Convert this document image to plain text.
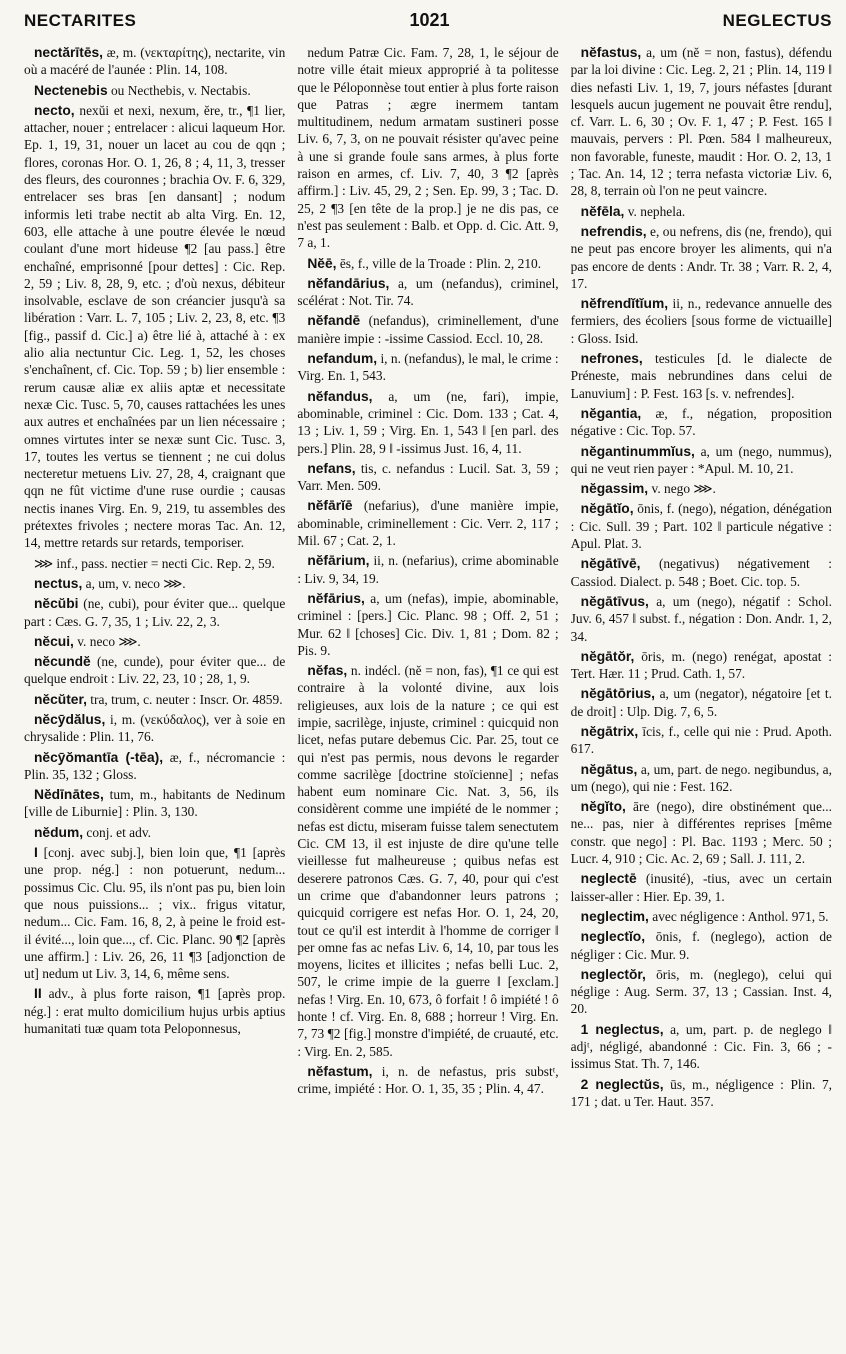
NECTARITES	1021	NEGLECTUS

nectărītēs, æ, m. (νεκταρίτης), nectarite, vin où a macéré de l'aunée : Plin. 14, 108.

Nectenebis ou Necthebis, v. Nectabis.

necto, nexŭi et nexi, nexum, ĕre, tr., ¶1 lier, attacher, nouer ; entrelacer : alicui laqueum Hor. Ep. 1, 19, 31, nouer un lacet au cou de qqn ; flores, coronas Hor. O. 1, 26, 8 ; 4, 11, 3, tresser des fleurs, des couronnes ; brachia Ov. F. 6, 329, entrelacer ses bras [en dansant] ; nodum informis leti trabe nectit ab alta Virg. En. 12, 603, elle attache à une poutre élevée le nœud coulant d'une mort hideuse ¶2 [au pass.] être enchaîné, emprisonné [pour dettes] : Cic. Rep. 2, 59 ; Liv. 8, 28, 9, etc. ; d'où nexus, débiteur insolvable, esclave de son créancier jusqu'à sa libération : Varr. L. 7, 105 ; Liv. 2, 23, 8, etc. ¶3 [fig., passif d. Cic.] a) être lié à, attaché à : ex alio alia nectuntur Cic. Leg. 1, 52, les choses s'enchaînent, cf. Cic. Top. 59 ; b) lier ensemble : rerum causæ aliæ ex aliis aptæ et necessitate nexæ Cic. Tusc. 5, 70, causes rattachées les unes aux autres et enchaînées par un lien nécessaire ; omnes virtutes inter se nexæ sunt Cic. Tusc. 3, 17, toutes les vertus se tiennent ; ne cui dolus necteretur metuens Liv. 27, 28, 4, craignant que qqn ne fût victime d'une ruse ourdie ; causas nectis inanes Virg. En. 9, 219, tu assembles des prétextes frivoles ; nectere moras Tac. An. 12, 14, mettre retards sur retards, temporiser.

⋙ inf., pass. nectier = necti Cic. Rep. 2, 59.

nectus, a, um, v. neco ⋙.

nĕcŭbi (ne, cubi), pour éviter que... quelque part : Cæs. G. 7, 35, 1 ; Liv. 22, 2, 3.

nĕcui, v. neco ⋙.

nĕcundĕ (ne, cunde), pour éviter que... de quelque endroit : Liv. 22, 23, 10 ; 28, 1, 9.

nĕcŭter, tra, trum, c. neuter : Inscr. Or. 4859.

nĕcȳdălus, i, m. (νεκύδαλος), ver à soie en chrysalide : Plin. 11, 76.

nĕcȳŏmantīa (-tēa), æ, f., nécromancie : Plin. 35, 132 ; Gloss.

Nĕdīnātes, tum, m., habitants de Nedinum [ville de Liburnie] : Plin. 3, 130.

nĕdum, conj. et adv.

I [conj. avec subj.], bien loin que, ¶1 [après une prop. nég.] : non potuerunt, nedum... possimus Cic. Clu. 95, ils n'ont pas pu, bien loin que nous puissions... ; vix.. frigus vitatur, nedum... Cic. Fam. 16, 8, 2, à peine le froid est-il évité..., loin que..., cf. Cic. Planc. 90 ¶2 [après une affirm.] : Liv. 26, 26, 11 ¶3 [adjonction de ut] nedum ut Liv. 3, 14, 6, même sens.

II adv., à plus forte raison, ¶1 [après prop. nég.] : erat multo domicilium hujus urbis aptius humanitati tuæ quam tota Peloponnesus,

nedum Patræ Cic. Fam. 7, 28, 1, le séjour de notre ville était mieux approprié à ta politesse que le Péloponnèse tout entier à plus forte raison que Patras ; ægre inermem tantam multitudinem, nedum armatam sustineri posse Liv. 6, 7, 3, on ne pouvait résister qu'avec peine à une si grande foule sans armes, à plus forte raison en armes, cf. Liv. 7, 40, 3 ¶2 [après affirm.] : Liv. 45, 29, 2 ; Sen. Ep. 99, 3 ; Tac. D. 25, 2 ¶3 [en tête de la prop.] je ne dis pas, ce n'est pas seulement : Balb. et Opp. d. Cic. Att. 9, 7 a, 1.

Nĕē, ēs, f., ville de la Troade : Plin. 2, 210.

nĕfandārius, a, um (nefandus), criminel, scélérat : Not. Tir. 74.

nĕfandē (nefandus), criminellement, d'une manière impie : -issime Cassiod. Eccl. 10, 28.

nefandum, i, n. (nefandus), le mal, le crime : Virg. En. 1, 543.

nĕfandus, a, um (ne, fari), impie, abominable, criminel : Cic. Dom. 133 ; Cat. 4, 13 ; Liv. 1, 59 ; Virg. En. 1, 543 ‖ [en parl. des pers.] Plin. 28, 9 ‖ -issimus Just. 16, 4, 11.

nefans, tis, c. nefandus : Lucil. Sat. 3, 59 ; Varr. Men. 509.

nĕfārĭē (nefarius), d'une manière impie, abominable, criminellement : Cic. Verr. 2, 117 ; Mil. 67 ; Cat. 2, 1.

nĕfārium, ii, n. (nefarius), crime abominable : Liv. 9, 34, 19.

nĕfārius, a, um (nefas), impie, abominable, criminel : [pers.] Cic. Planc. 98 ; Off. 2, 51 ; Mur. 62 ‖ [choses] Cic. Div. 1, 81 ; Dom. 82 ; Pis. 9.

nĕfas, n. indécl. (nĕ = non, fas), ¶1 ce qui est contraire à la volonté divine, aux lois religieuses, aux lois de la nature ; ce qui est impie, sacrilège, injuste, criminel : quicquid non licet, nefas putare debemus Cic. Par. 25, tout ce qui n'est pas permis, nous devons le regarder comme sacrilège [doctrine stoïcienne] ; nefas habent eum nominare Cic. Nat. 3, 56, ils considèrent comme une impiété de le nommer ; nefas est dictu, miseram fuisse talem senectutem Cic. CM 13, il est injuste de dire qu'une telle vieillesse fut malheureuse ; quibus nefas est deserere patronos Cæs. G. 7, 40, pour qui c'est un crime que d'abandonner leurs patrons ; quicquid corrigere est nefas Hor. O. 1, 24, 20, tout ce qu'il est interdit à l'homme de corriger ‖ per omne fas ac nefas Liv. 6, 14, 10, par tous les moyens, licites et illicites ; nefas belli Luc. 2, 507, le crime impie de la guerre ‖ [exclam.] nefas ! Virg. En. 10, 673, ô forfait ! ô impiété ! ô honte ! cf. Virg. En. 8, 688 ; horreur ! Virg. En. 7, 73 ¶2 [fig.] monstre d'impiété, de cruauté, etc. : Virg. En. 2, 585.

nĕfastum, i, n. de nefastus, pris substᵗ, crime, impiété : Hor. O. 1, 35, 35 ; Plin. 4, 47.

nĕfastus, a, um (nĕ = non, fastus), défendu par la loi divine : Cic. Leg. 2, 21 ; Plin. 14, 119 ‖ dies nefasti Liv. 1, 19, 7, jours néfastes [durant lesquels aucun jugement ne pouvait être rendu], cf. Varr. L. 6, 30 ; Ov. F. 1, 47 ; P. Fest. 165 ‖ mauvais, pervers : Pl. Pœn. 584 ‖ malheureux, non favorable, funeste, maudit : Hor. O. 2, 13, 1 ; Tac. An. 14, 12 ; terra nefasta victoriæ Liv. 6, 28, 8, terrain où l'on ne peut vaincre.

nĕfēla, v. nephela.

nefrendis, e, ou nefrens, dis (ne, frendo), qui ne peut pas encore broyer les aliments, qui n'a pas encore de dents : Andr. Tr. 38 ; Varr. R. 2, 4, 17.

nĕfrendĭtĭum, ii, n., redevance annuelle des fermiers, des écoliers [sous forme de victuaille] : Gloss. Isid.

nefrones, testicules [d. le dialecte de Préneste, mais nebrundines dans celui de Lanuvium] : P. Fest. 163 [s. v. nefrendes].

nĕgantia, æ, f., négation, proposition négative : Cic. Top. 57.

nĕgantinummĭus, a, um (nego, nummus), qui ne veut rien payer : *Apul. M. 10, 21.

nĕgassim, v. nego ⋙.

nĕgātĭo, ōnis, f. (nego), négation, dénégation : Cic. Sull. 39 ; Part. 102 ‖ particule négative : Apul. Plat. 3.

nĕgātīvē, (negativus) négativement : Cassiod. Dialect. p. 548 ; Boet. Cic. top. 5.

nĕgātīvus, a, um (nego), négatif : Schol. Juv. 6, 457 ‖ subst. f., négation : Don. Andr. 1, 2, 34.

nĕgātŏr, ōris, m. (nego) renégat, apostat : Tert. Hær. 11 ; Prud. Cath. 1, 57.

nĕgātōrius, a, um (negator), négatoire [et t. de droit] : Ulp. Dig. 7, 6, 5.

nĕgātrix, īcis, f., celle qui nie : Prud. Apoth. 617.

nĕgātus, a, um, part. de nego. negibundus, a, um (nego), qui nie : Fest. 162.

nĕgĭto, āre (nego), dire obstinément que... ne... pas, nier à différentes reprises [même constr. que nego] : Pl. Bac. 1193 ; Merc. 50 ; Lucr. 4, 910 ; Cic. Ac. 2, 69 ; Sall. J. 111, 2.

neglectē (inusité), -tius, avec un certain laisser-aller : Hier. Ep. 39, 1.

neglectim, avec négligence : Anthol. 971, 5.

neglectĭo, ōnis, f. (neglego), action de négliger : Cic. Mur. 9.

neglectŏr, ōris, m. (neglego), celui qui néglige : Aug. Serm. 37, 13 ; Cassian. Inst. 4, 20.

1 neglectus, a, um, part. p. de neglego ‖ adjᵗ, négligé, abandonné : Cic. Fin. 3, 66 ; -issimus Stat. Th. 7, 146.

2 neglectŭs, ūs, m., négligence : Plin. 7, 171 ; dat. u Ter. Haut. 357.
